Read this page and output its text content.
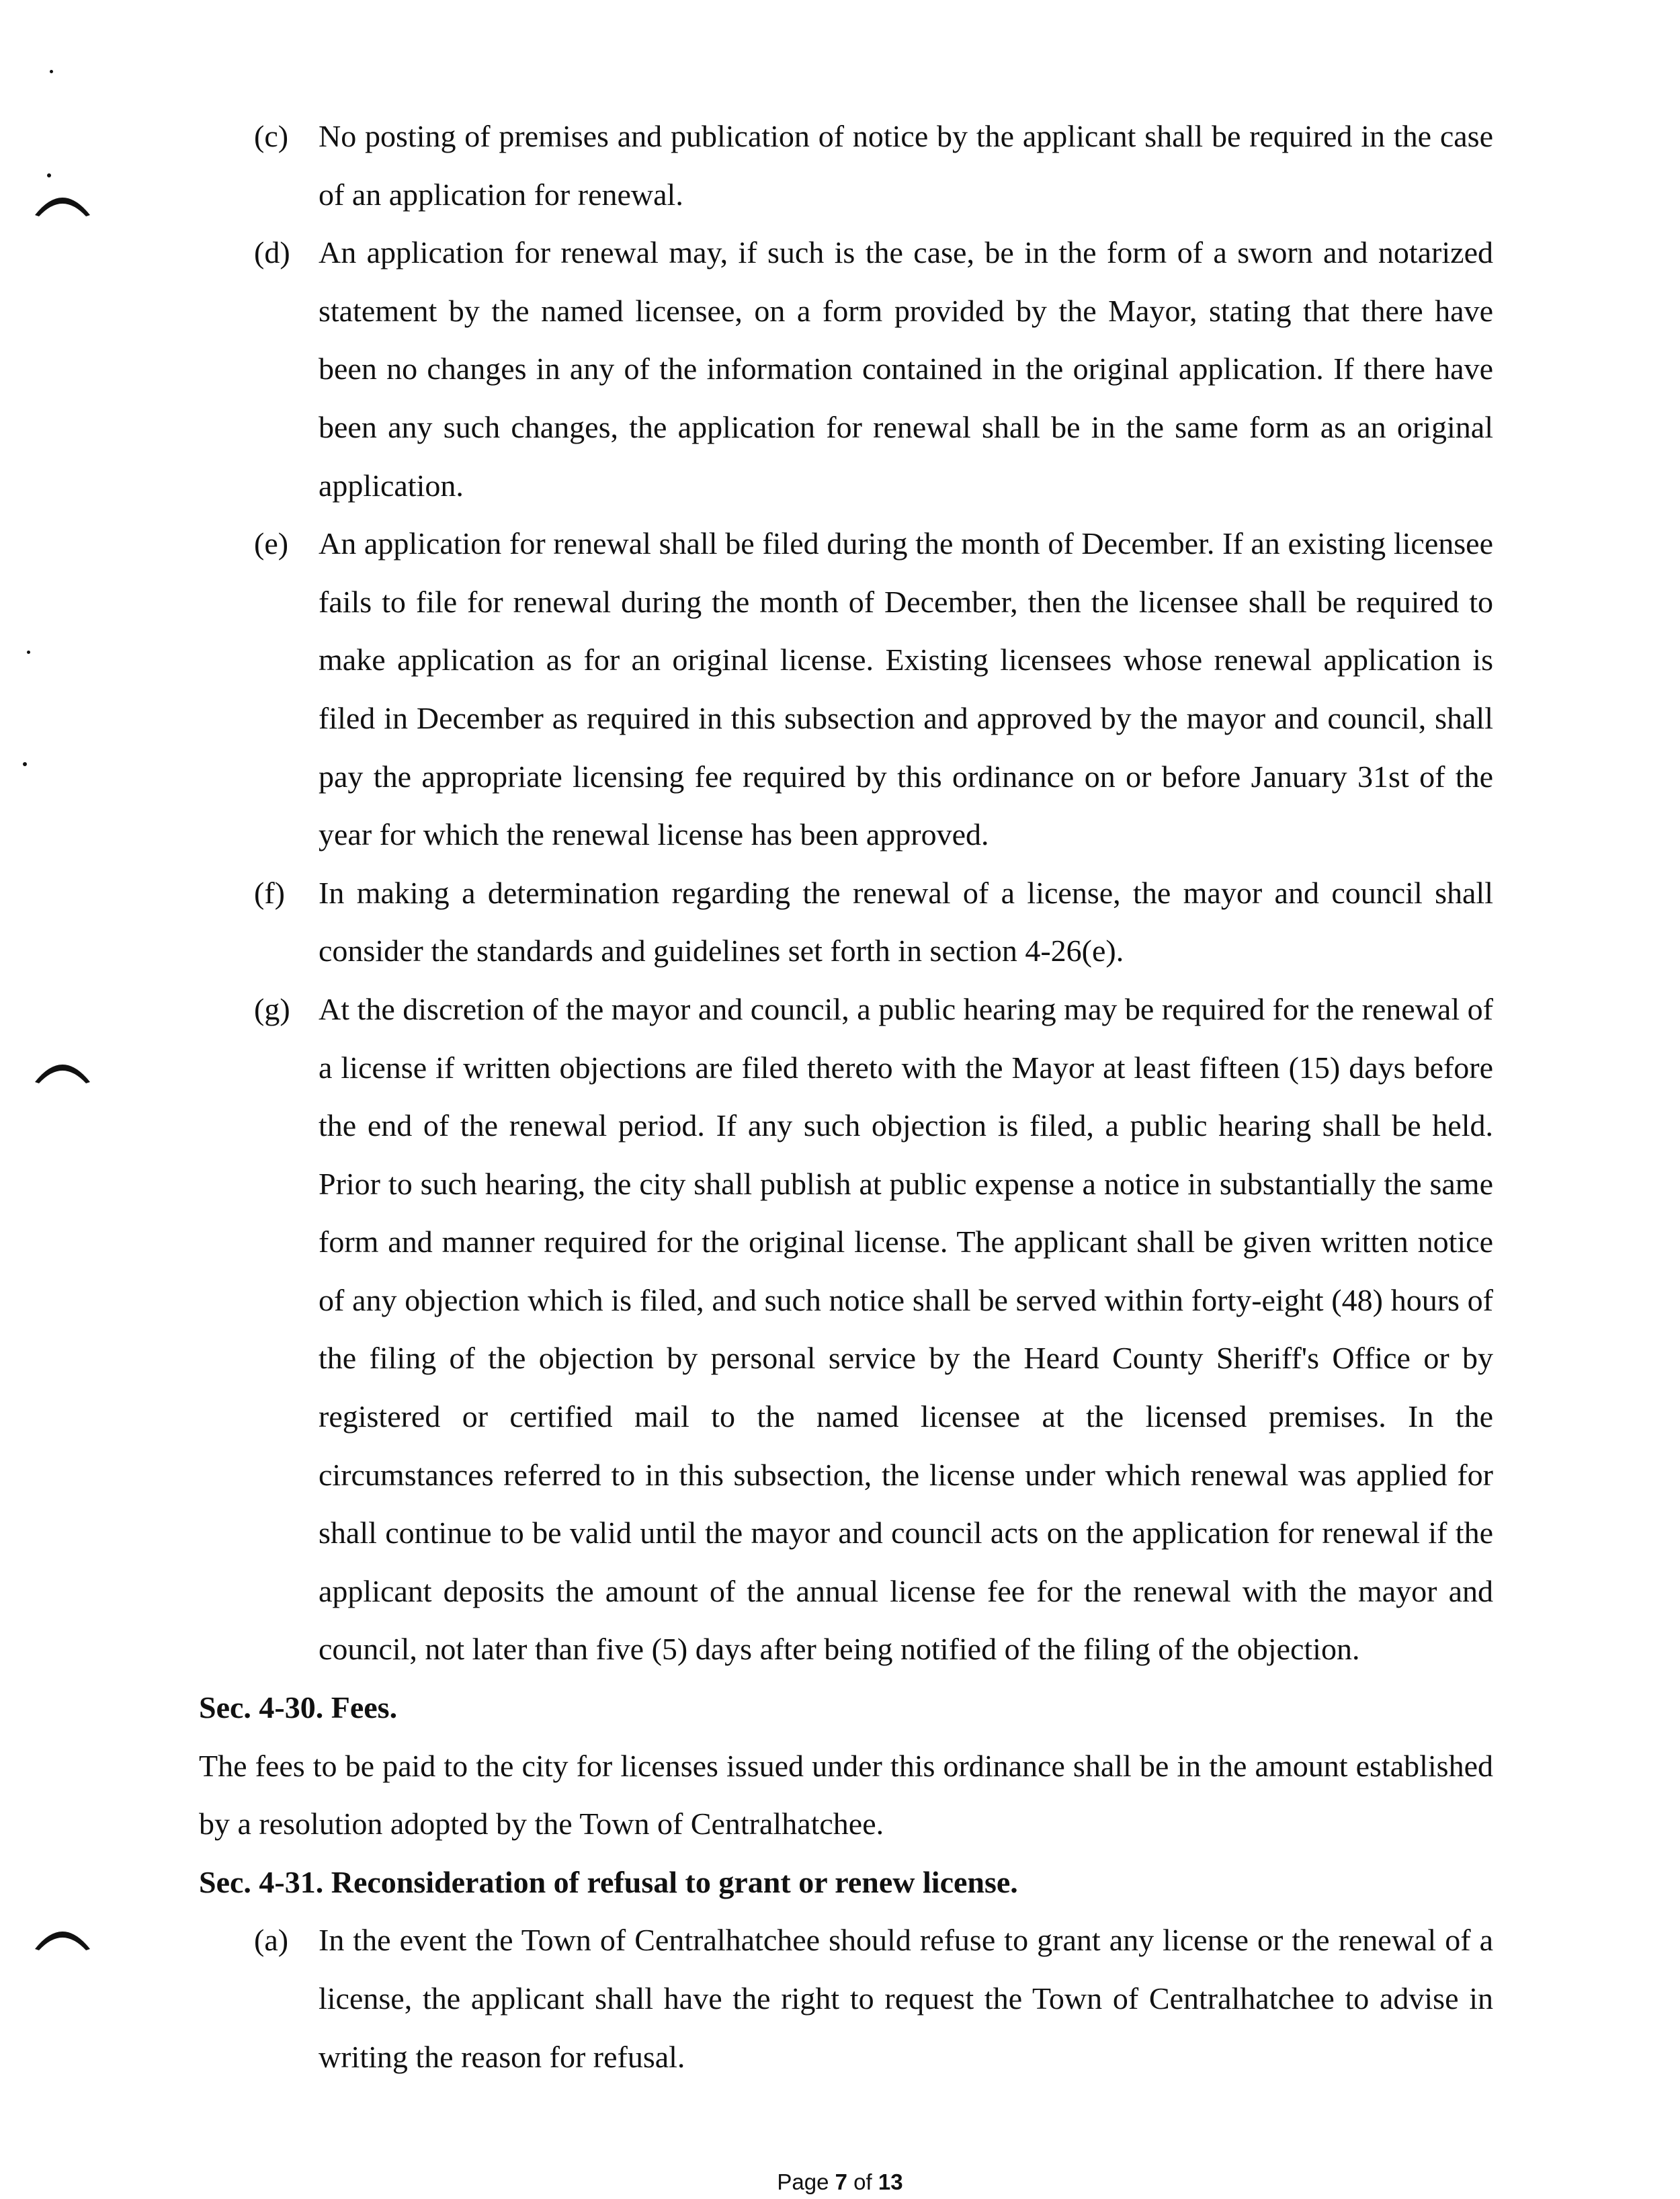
(c) No posting of premises and publication of notice by the applicant shall be required in the case of an application for renewal.
(d) An application for renewal may, if such is the case, be in the form of a sworn and notarized statement by the named licensee, on a form provided by the Mayor, stating that there have been no changes in any of the information contained in the original application. If there have been any such changes, the application for renewal shall be in the same form as an original application.
(e) An application for renewal shall be filed during the month of December. If an existing licensee fails to file for renewal during the month of December, then the licensee shall be required to make application as for an original license. Existing licensees whose renewal application is filed in December as required in this subsection and approved by the mayor and council, shall pay the appropriate licensing fee required by this ordinance on or before January 31st of the year for which the renewal license has been approved.
(f) In making a determination regarding the renewal of a license, the mayor and council shall consider the standards and guidelines set forth in section 4-26(e).
(g) At the discretion of the mayor and council, a public hearing may be required for the renewal of a license if written objections are filed thereto with the Mayor at least fifteen (15) days before the end of the renewal period. If any such objection is filed, a public hearing shall be held. Prior to such hearing, the city shall publish at public expense a notice in substantially the same form and manner required for the original license. The applicant shall be given written notice of any objection which is filed, and such notice shall be served within forty-eight (48) hours of the filing of the objection by personal service by the Heard County Sheriff's Office or by registered or certified mail to the named licensee at the licensed premises. In the circumstances referred to in this subsection, the license under which renewal was applied for shall continue to be valid until the mayor and council acts on the application for renewal if the applicant deposits the amount of the annual license fee for the renewal with the mayor and council, not later than five (5) days after being notified of the filing of the objection.
Sec. 4-30. Fees.
The fees to be paid to the city for licenses issued under this ordinance shall be in the amount established by a resolution adopted by the Town of Centralhatchee.
Sec. 4-31. Reconsideration of refusal to grant or renew license.
(a) In the event the Town of Centralhatchee should refuse to grant any license or the renewal of a license, the applicant shall have the right to request the Town of Centralhatchee to advise in writing the reason for refusal.
Page 7 of 13
